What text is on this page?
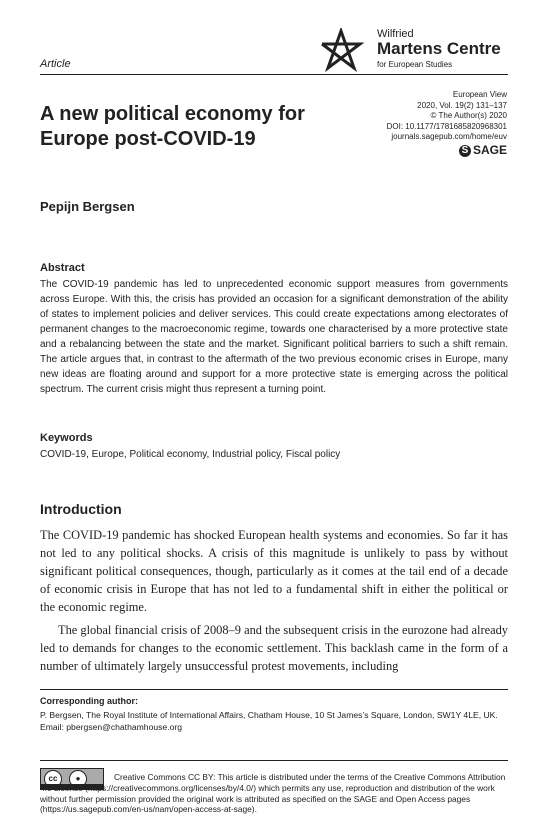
Article
Wilfried
Martens Centre
for European Studies
A new political economy for Europe post-COVID-19
European View
2020, Vol. 19(2) 131–137
© The Author(s) 2020
DOI: 10.1177/1781685820968301
journals.sagepub.com/home/euv
S SAGE
Pepijn Bergsen
Abstract
The COVID-19 pandemic has led to unprecedented economic support measures from governments across Europe. With this, the crisis has provided an occasion for a significant demonstration of the ability of states to implement policies and deliver services. This could create expectations among electorates of permanent changes to the macroeconomic regime, towards one characterised by a more protective state and a rebalancing between the state and the market. Significant political barriers to such a shift remain. The article argues that, in contrast to the aftermath of the two previous economic crises in Europe, many new ideas are floating around and support for a more protective state is emerging across the political spectrum. The current crisis might thus represent a turning point.
Keywords
COVID-19, Europe, Political economy, Industrial policy, Fiscal policy
Introduction
The COVID-19 pandemic has shocked European health systems and economies. So far it has not led to any political shocks. A crisis of this magnitude is unlikely to pass by without significant political consequences, though, particularly as it comes at the tail end of a decade of economic crisis in Europe that has not led to a fundamental shift in either the political or the economic regime.
The global financial crisis of 2008–9 and the subsequent crisis in the eurozone had already led to demands for changes to the economic settlement. This backlash came in the form of a number of ultimately largely unsuccessful protest movements, including
Corresponding author:
P. Bergsen, The Royal Institute of International Affairs, Chatham House, 10 St James’s Square, London, SW1Y 4LE, UK.
Email: pbergsen@chathamhouse.org
cc	●	Creative Commons CC BY: This article is distributed under the terms of the Creative Commons Attribution 4.0 License (https://creativecommons.org/licenses/by/4.0/) which permits any use, reproduction and distribution of the work without further permission provided the original work is attributed as specified on the SAGE and Open Access pages (https://us.sagepub.com/en-us/nam/open-access-at-sage).
